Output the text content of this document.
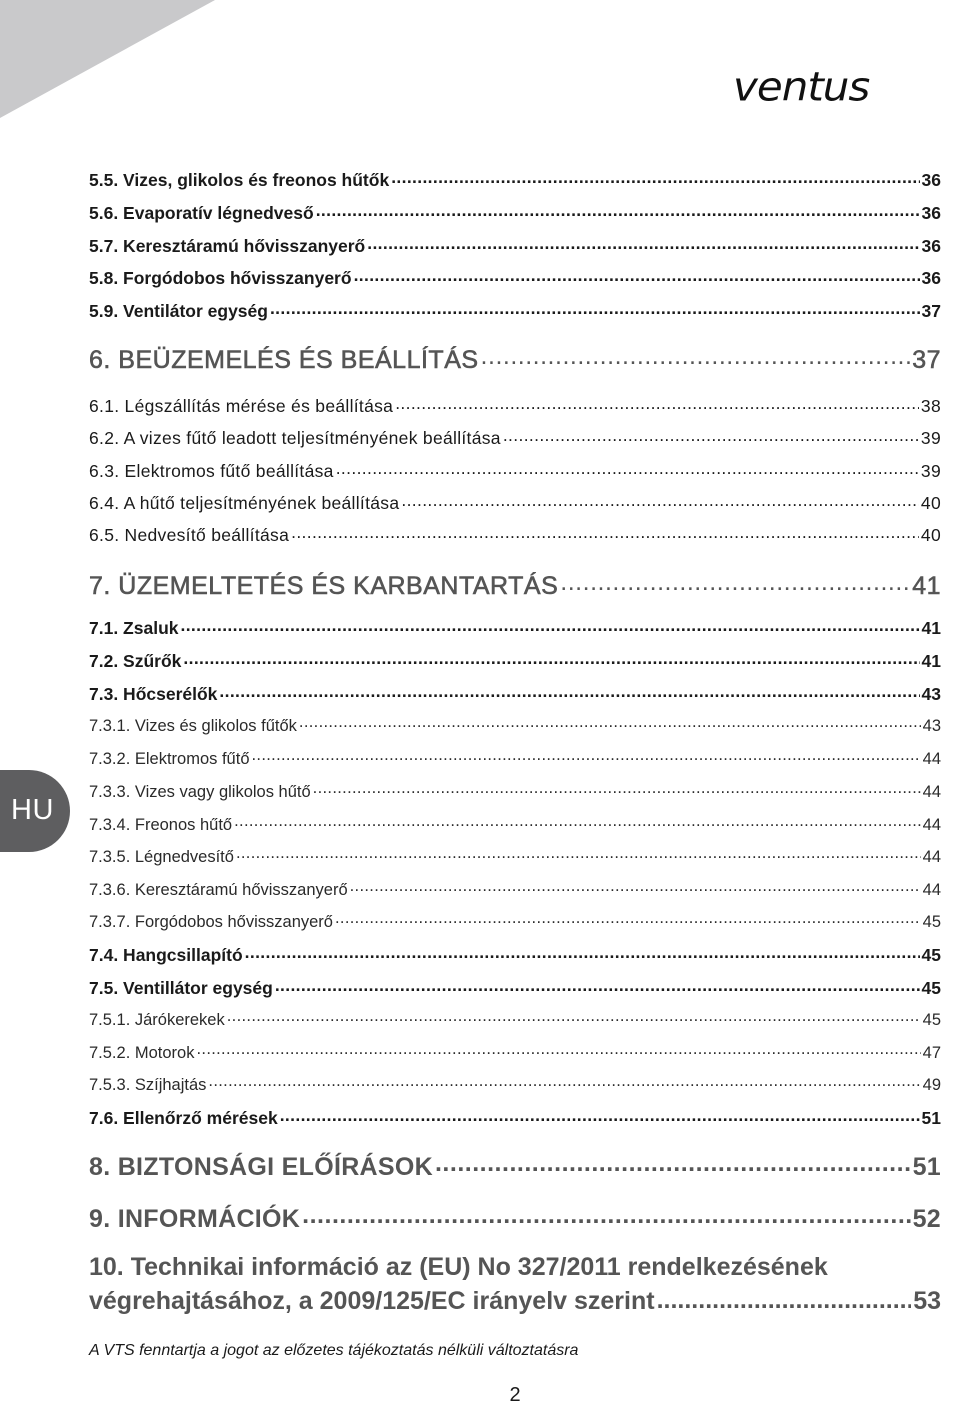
ventus
HU
5.5. Vizes, glikolos és freonos hűtők .....	36
5.6. Evaporatív légnedveső .....	36
5.7. Keresztáramú hővisszanyerő .....	36
5.8. Forgódobos hővisszanyerő .....	36
5.9. Ventilátor egység .....	37
6. BEÜZEMELÉS ÉS BEÁLLÍTÁS .....	37
6.1. Légszállítás mérése és beállítása .....	38
6.2. A vizes fűtő leadott teljesítményének beállítása .....	39
6.3. Elektromos fűtő beállítása .....	39
6.4. A hűtő teljesítményének beállítása .....	40
6.5. Nedvesítő beállítása .....	40
7. ÜZEMELTETÉS ÉS KARBANTARTÁS .....	41
7.1. Zsaluk .....	41
7.2. Szűrők .....	41
7.3. Hőcserélők .....	43
7.3.1. Vizes és glikolos fűtők .....	43
7.3.2. Elektromos fűtő .....	44
7.3.3. Vizes vagy glikolos hűtő .....	44
7.3.4. Freonos hűtő .....	44
7.3.5. Légnedvesítő .....	44
7.3.6. Keresztáramú hővisszanyerő .....	44
7.3.7. Forgódobos hővisszanyerő .....	45
7.4. Hangcsillapító .....	45
7.5. Ventillátor egység .....	45
7.5.1. Járókerekek .....	45
7.5.2. Motorok .....	47
7.5.3. Szíjhajtás .....	49
7.6. Ellenőrző mérések .....	51
8. BIZTONSÁGI ELŐÍRÁSOK .....	51
9. INFORMÁCIÓK .....	52
10. Technikai információ az (EU) No 327/2011 rendelkezésének
végrehajtásához, a 2009/125/EC irányelv szerint .....	53
A VTS fenntartja a jogot az előzetes tájékoztatás nélküli változtatásra
2
